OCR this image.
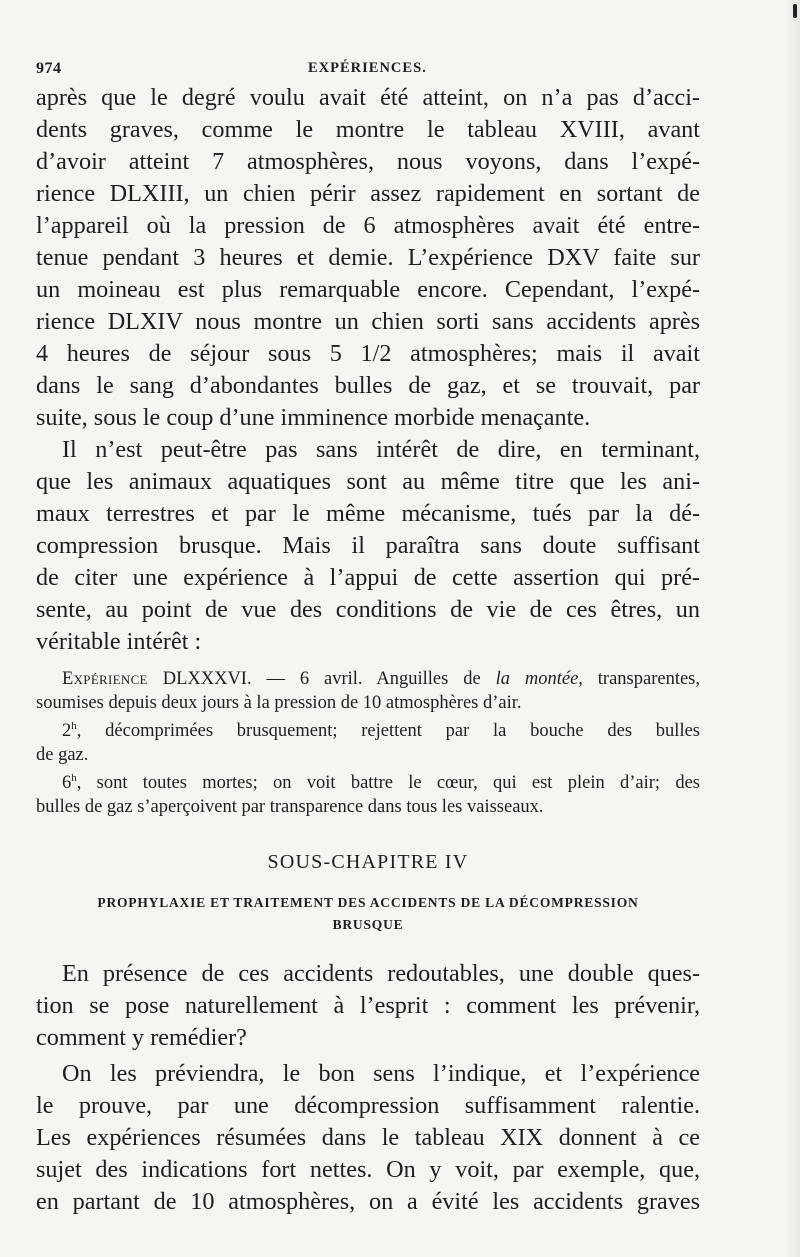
974	EXPÉRIENCES.

après que le degré voulu avait été atteint, on n’a pas d’acci-

dents graves, comme le montre le tableau XVIII, avant

d’avoir atteint 7 atmosphères, nous voyons, dans l’expé-

rience DLXIII, un chien périr assez rapidement en sortant de

l’appareil où la pression de 6 atmosphères avait été entre-

tenue pendant 3 heures et demie. L’expérience DXV faite sur

un moineau est plus remarquable encore. Cependant, l’expé-

rience DLXIV nous montre un chien sorti sans accidents après

4 heures de séjour sous 5 1/2 atmosphères; mais il avait

dans le sang d’abondantes bulles de gaz, et se trouvait, par

suite, sous le coup d’une imminence morbide menaçante.

Il n’est peut-être pas sans intérêt de dire, en terminant,

que les animaux aquatiques sont au même titre que les ani-

maux terrestres et par le même mécanisme, tués par la dé-

compression brusque. Mais il paraîtra sans doute suffisant

de citer une expérience à l’appui de cette assertion qui pré-

sente, au point de vue des conditions de vie de ces êtres, un

véritable intérêt :

Expérience DLXXXVI. — 6 avril. Anguilles de la montée, transparentes,

soumises depuis deux jours à la pression de 10 atmosphères d’air.

2$^h$, décomprimées brusquement; rejettent par la bouche des bulles

de gaz.

6$^h$, sont toutes mortes; on voit battre le cœur, qui est plein d’air; des

bulles de gaz s’aperçoivent par transparence dans tous les vaisseaux.

SOUS-CHAPITRE IV

PROPHYLAXIE ET TRAITEMENT DES ACCIDENTS DE LA DÉCOMPRESSION

BRUSQUE

En présence de ces accidents redoutables, une double ques-

tion se pose naturellement à l’esprit : comment les prévenir,

comment y remédier?

On les préviendra, le bon sens l’indique, et l’expérience

le prouve, par une décompression suffisamment ralentie.

Les expériences résumées dans le tableau XIX donnent à ce

sujet des indications fort nettes. On y voit, par exemple, que,

en partant de 10 atmosphères, on a évité les accidents graves
